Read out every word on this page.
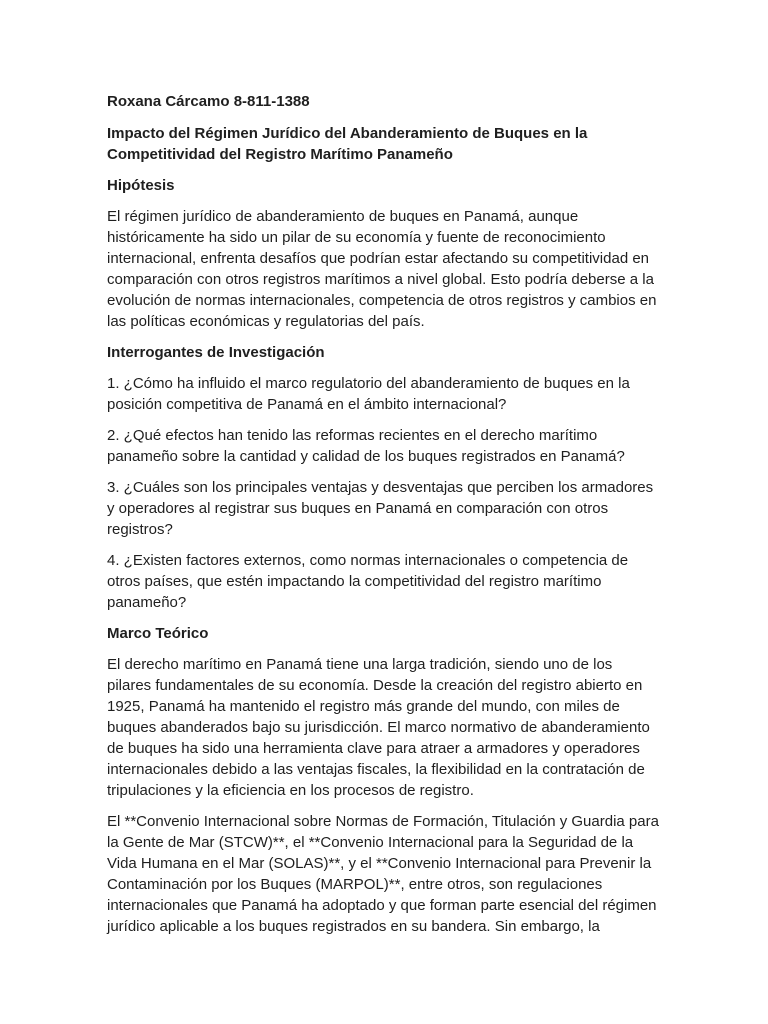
Roxana Cárcamo 8-811-1388

Impacto del Régimen Jurídico del Abanderamiento de Buques en la

Competitividad del Registro Marítimo Panameño

Hipótesis

El régimen jurídico de abanderamiento de buques en Panamá, aunque

históricamente ha sido un pilar de su economía y fuente de reconocimiento

internacional, enfrenta desafíos que podrían estar afectando su competitividad en

comparación con otros registros marítimos a nivel global. Esto podría deberse a la

evolución de normas internacionales, competencia de otros registros y cambios en

las políticas económicas y regulatorias del país.

Interrogantes de Investigación

1. ¿Cómo ha influido el marco regulatorio del abanderamiento de buques en la

posición competitiva de Panamá en el ámbito internacional?

2. ¿Qué efectos han tenido las reformas recientes en el derecho marítimo

panameño sobre la cantidad y calidad de los buques registrados en Panamá?

3. ¿Cuáles son los principales ventajas y desventajas que perciben los armadores

y operadores al registrar sus buques en Panamá en comparación con otros

registros?

4. ¿Existen factores externos, como normas internacionales o competencia de

otros países, que estén impactando la competitividad del registro marítimo

panameño?

Marco Teórico

El derecho marítimo en Panamá tiene una larga tradición, siendo uno de los

pilares fundamentales de su economía. Desde la creación del registro abierto en

1925, Panamá ha mantenido el registro más grande del mundo, con miles de

buques abanderados bajo su jurisdicción. El marco normativo de abanderamiento

de buques ha sido una herramienta clave para atraer a armadores y operadores

internacionales debido a las ventajas fiscales, la flexibilidad en la contratación de

tripulaciones y la eficiencia en los procesos de registro.

El **Convenio Internacional sobre Normas de Formación, Titulación y Guardia para

la Gente de Mar (STCW)**, el **Convenio Internacional para la Seguridad de la

Vida Humana en el Mar (SOLAS)**, y el **Convenio Internacional para Prevenir la

Contaminación por los Buques (MARPOL)**, entre otros, son regulaciones

internacionales que Panamá ha adoptado y que forman parte esencial del régimen

jurídico aplicable a los buques registrados en su bandera. Sin embargo, la
